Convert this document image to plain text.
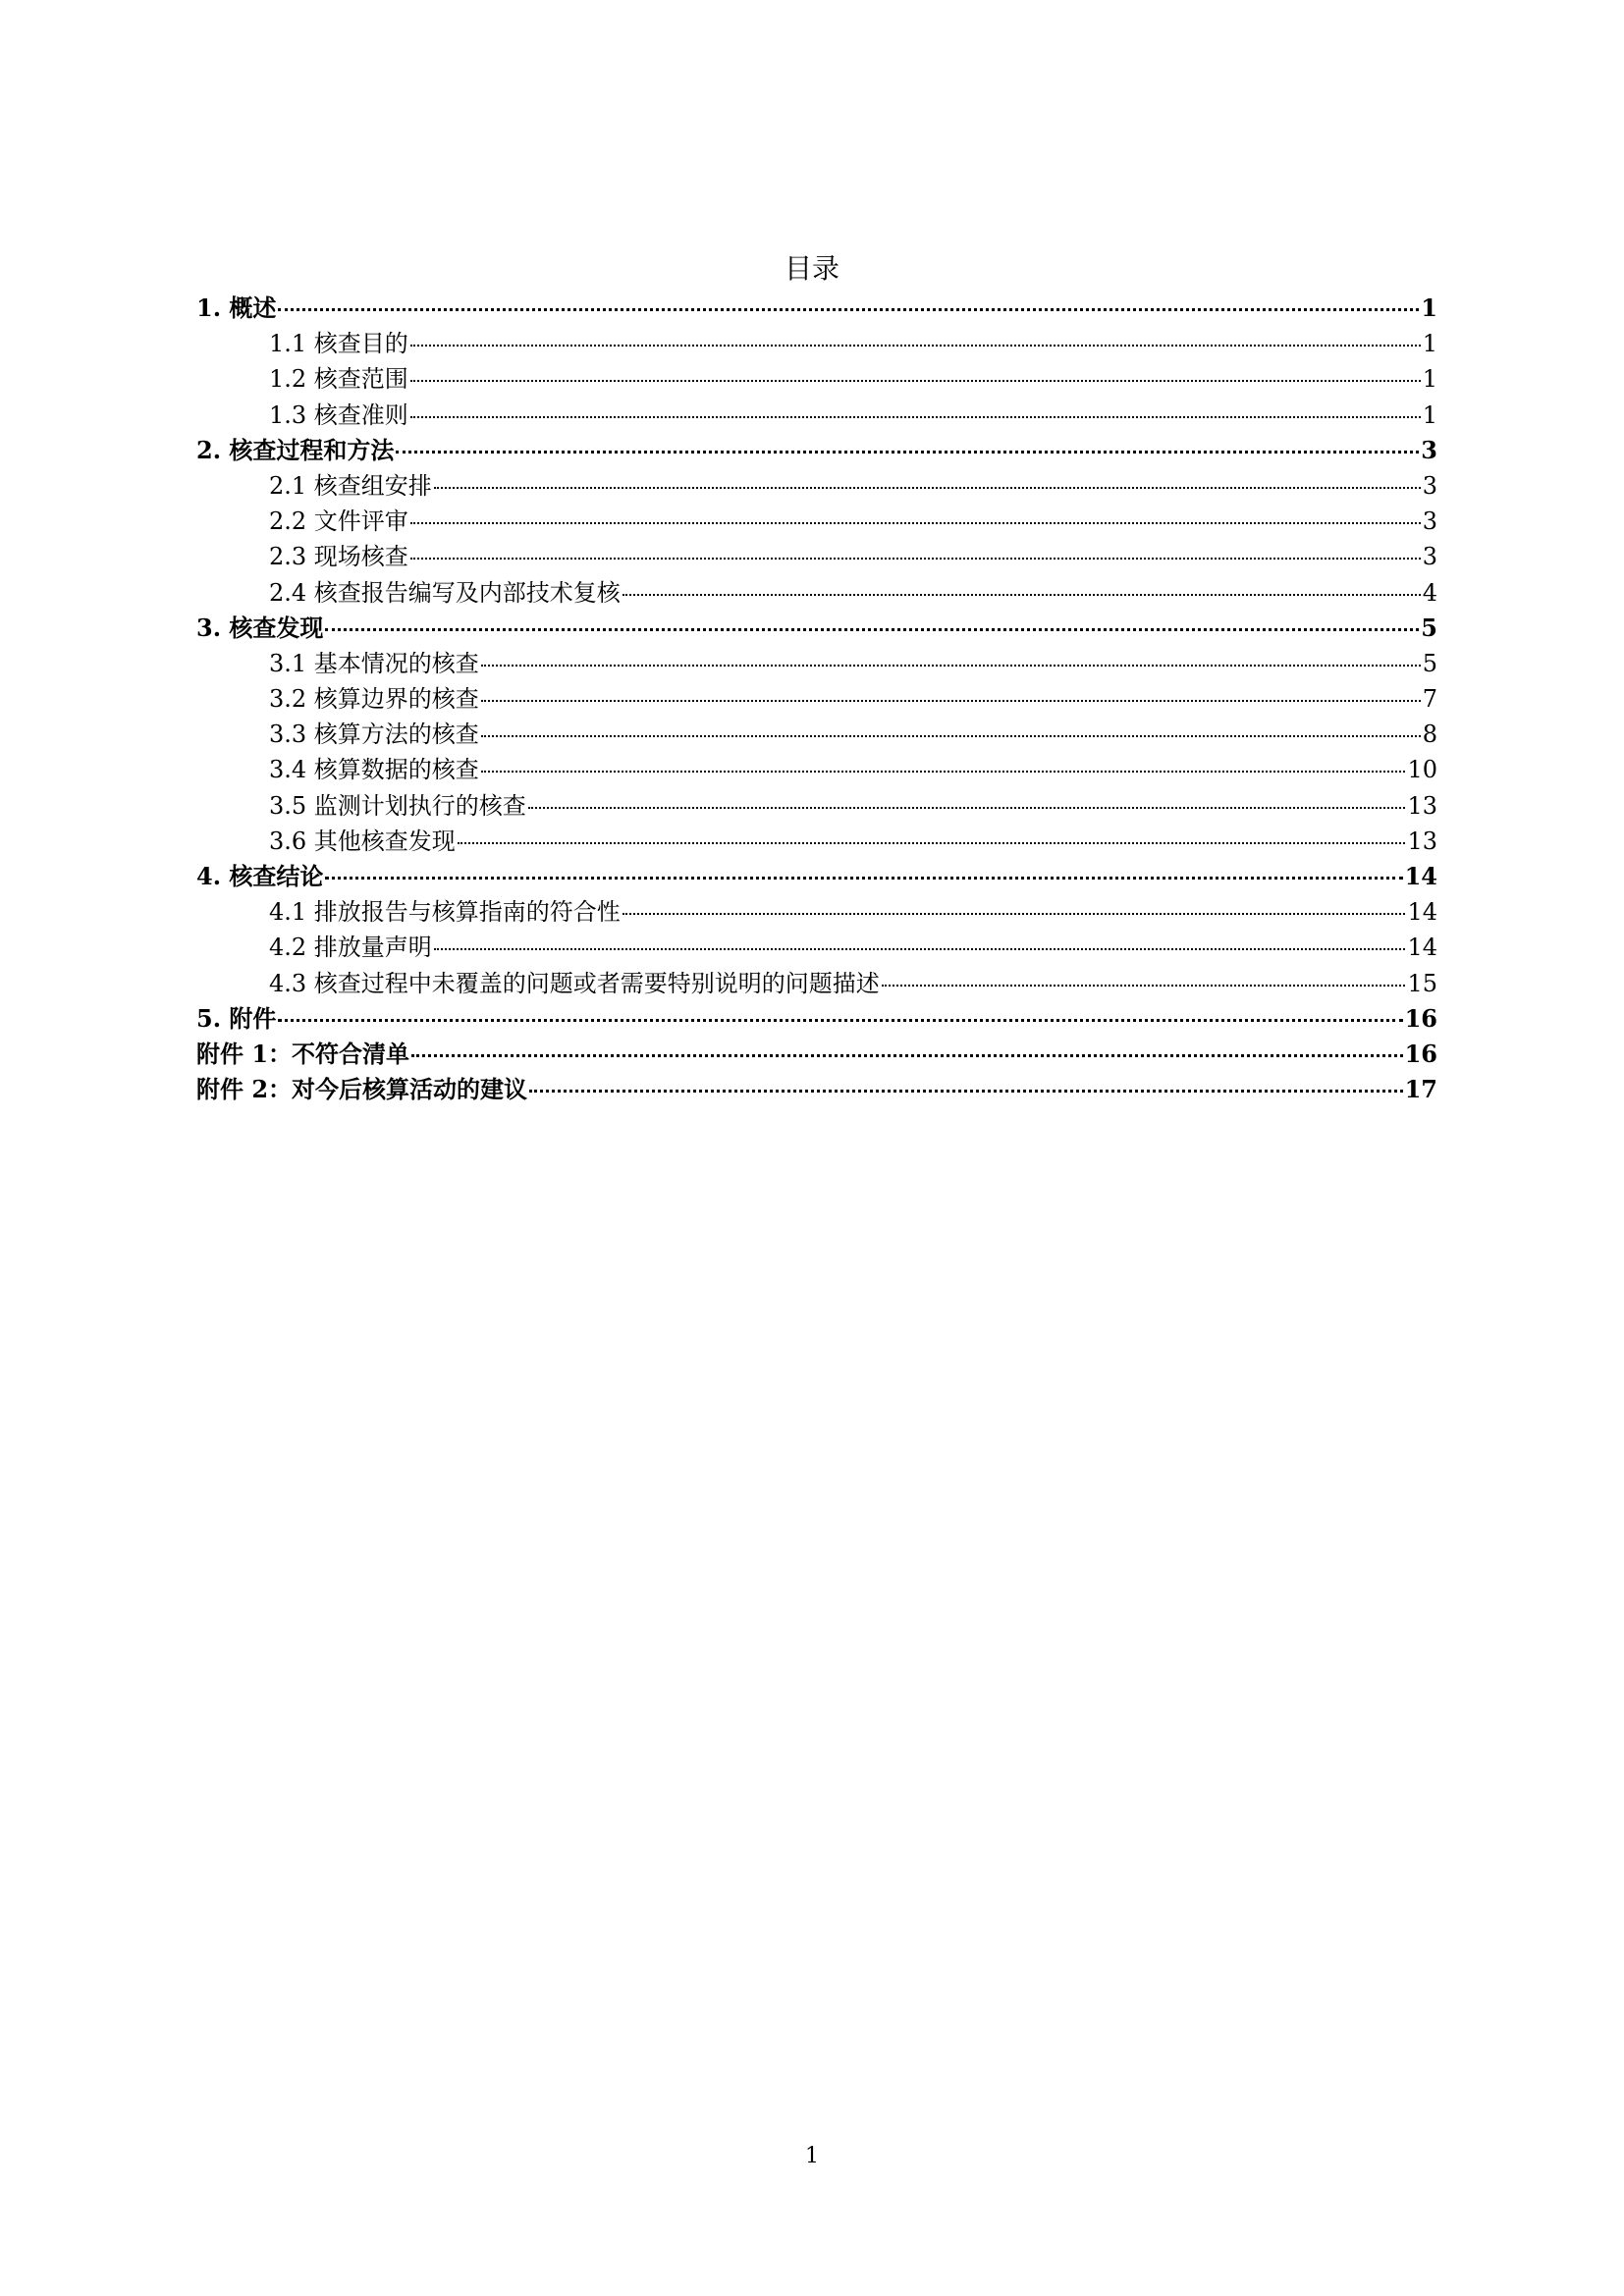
目录
1. 概述	1
1.1 核查目的	1
1.2 核查范围	1
1.3 核查准则	1
2. 核查过程和方法	3
2.1 核查组安排	3
2.2 文件评审	3
2.3 现场核查	3
2.4 核查报告编写及内部技术复核	4
3. 核查发现	5
3.1 基本情况的核查	5
3.2 核算边界的核查	7
3.3 核算方法的核查	8
3.4 核算数据的核查	10
3.5 监测计划执行的核查	13
3.6 其他核查发现	13
4. 核查结论	14
4.1 排放报告与核算指南的符合性	14
4.2 排放量声明	14
4.3 核查过程中未覆盖的问题或者需要特别说明的问题描述	15
5. 附件	16
附件 1：不符合清单	16
附件 2：对今后核算活动的建议	17
1
